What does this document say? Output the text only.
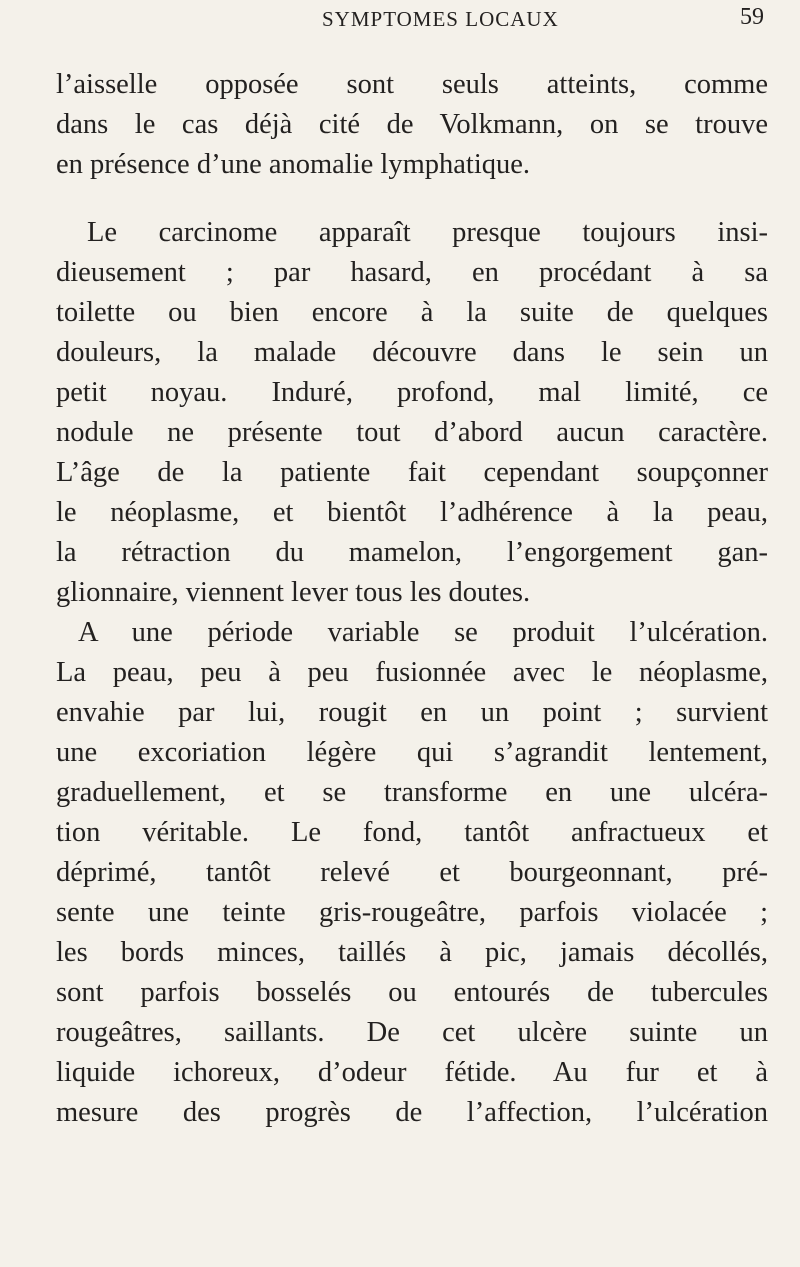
SYMPTOMES LOCAUX	59
l’aisselle opposée sont seuls atteints, comme
dans le cas déjà cité de Volkmann, on se trouve
en présence d’une anomalie lymphatique.
Le carcinome apparaît presque toujours insi-
dieusement ; par hasard, en procédant à sa
toilette ou bien encore à la suite de quelques
douleurs, la malade découvre dans le sein un
petit noyau. Induré, profond, mal limité, ce
nodule ne présente tout d’abord aucun caractère.
L’âge de la patiente fait cependant soupçonner
le néoplasme, et bientôt l’adhérence à la peau,
la rétraction du mamelon, l’engorgement gan-
glionnaire, viennent lever tous les doutes.
A une période variable se produit l’ulcération.
La peau, peu à peu fusionnée avec le néoplasme,
envahie par lui, rougit en un point ; survient
une excoriation légère qui s’agrandit lentement,
graduellement, et se transforme en une ulcéra-
tion véritable. Le fond, tantôt anfractueux et
déprimé, tantôt relevé et bourgeonnant, pré-
sente une teinte gris-rougeâtre, parfois violacée ;
les bords minces, taillés à pic, jamais décollés,
sont parfois bosselés ou entourés de tubercules
rougeâtres, saillants. De cet ulcère suinte un
liquide ichoreux, d’odeur fétide. Au fur et à
mesure des progrès de l’affection, l’ulcération
